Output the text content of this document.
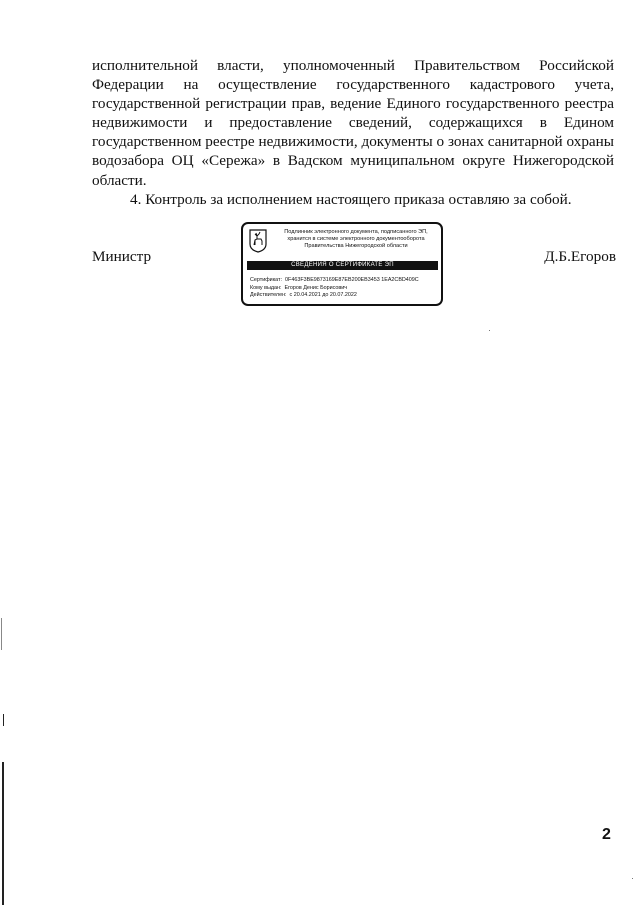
исполнительной власти, уполномоченный Правительством Российской Федерации на осуществление государственного кадастрового учета, государственной регистрации прав, ведение Единого государственного реестра недвижимости и предоставление сведений, содержащихся в Едином государственном реестре недвижимости, документы о зонах санитарной охраны водозабора ОЦ «Сережа» в Вадском муниципальном округе Нижегородской области.

4. Контроль за исполнением настоящего приказа оставляю за собой.

Министр	Д.Б.Егоров
Подлинник электронного документа, подписанного ЭП,
хранится в системе электронного документооборота
Правительства Нижегородской области
СВЕДЕНИЯ О СЕРТИФИКАТЕ ЭП
Сертификат: 0F463F3BE9873169E87EB200EB3453 1EA2CBD409C
Кому выдан: Егоров Денис Борисович
Действителен: с 20.04.2021 до 20.07.2022
2
